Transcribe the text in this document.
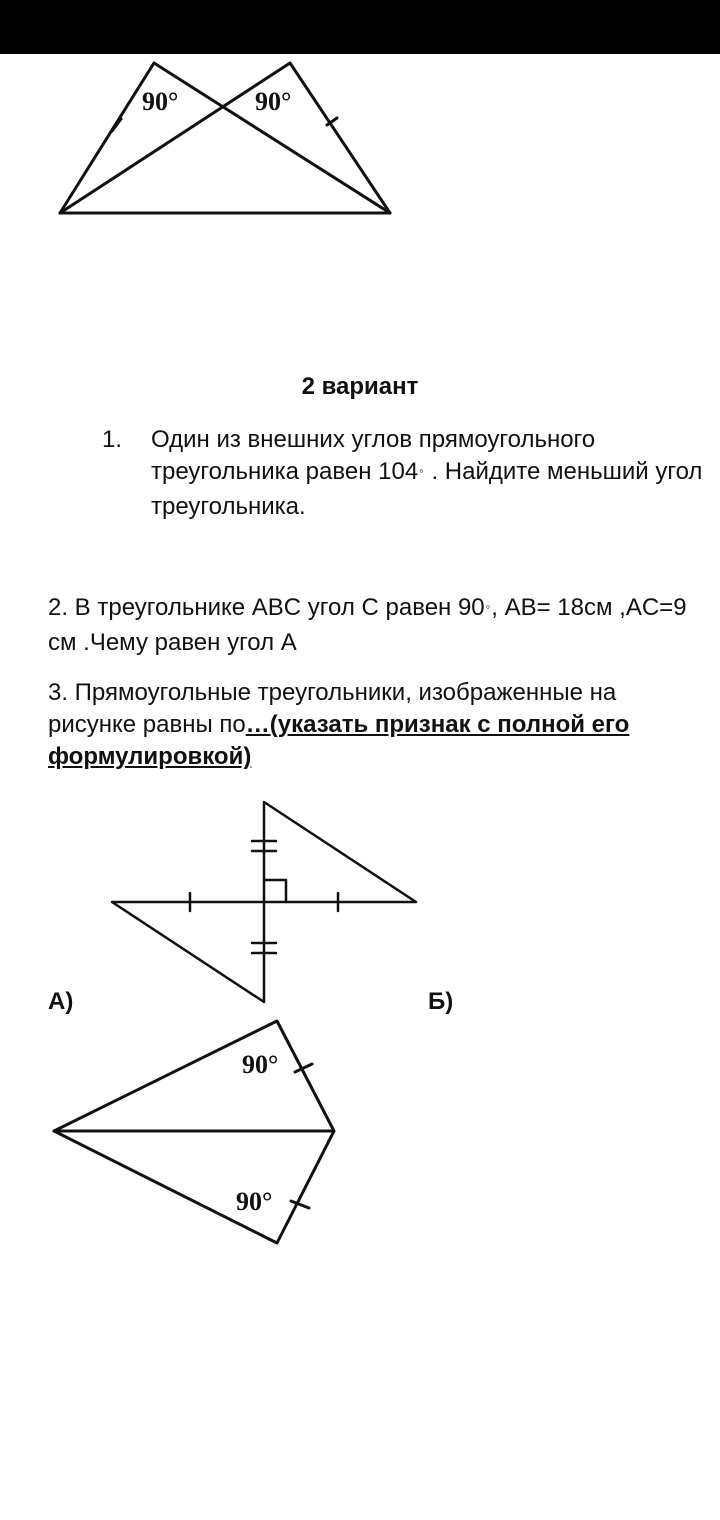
90°	90°
2 вариант
1. Один из внешних углов прямоугольного треугольника равен 104◦ . Найдите меньший угол треугольника.
2. В треугольнике ABC угол C равен 90◦, AB= 18см ,AC=9 см .Чему равен угол А
3. Прямоугольные треугольники, изображенные на рисунке равны по…(указать признак с полной его формулировкой)
А)	Б)
90°
90°
